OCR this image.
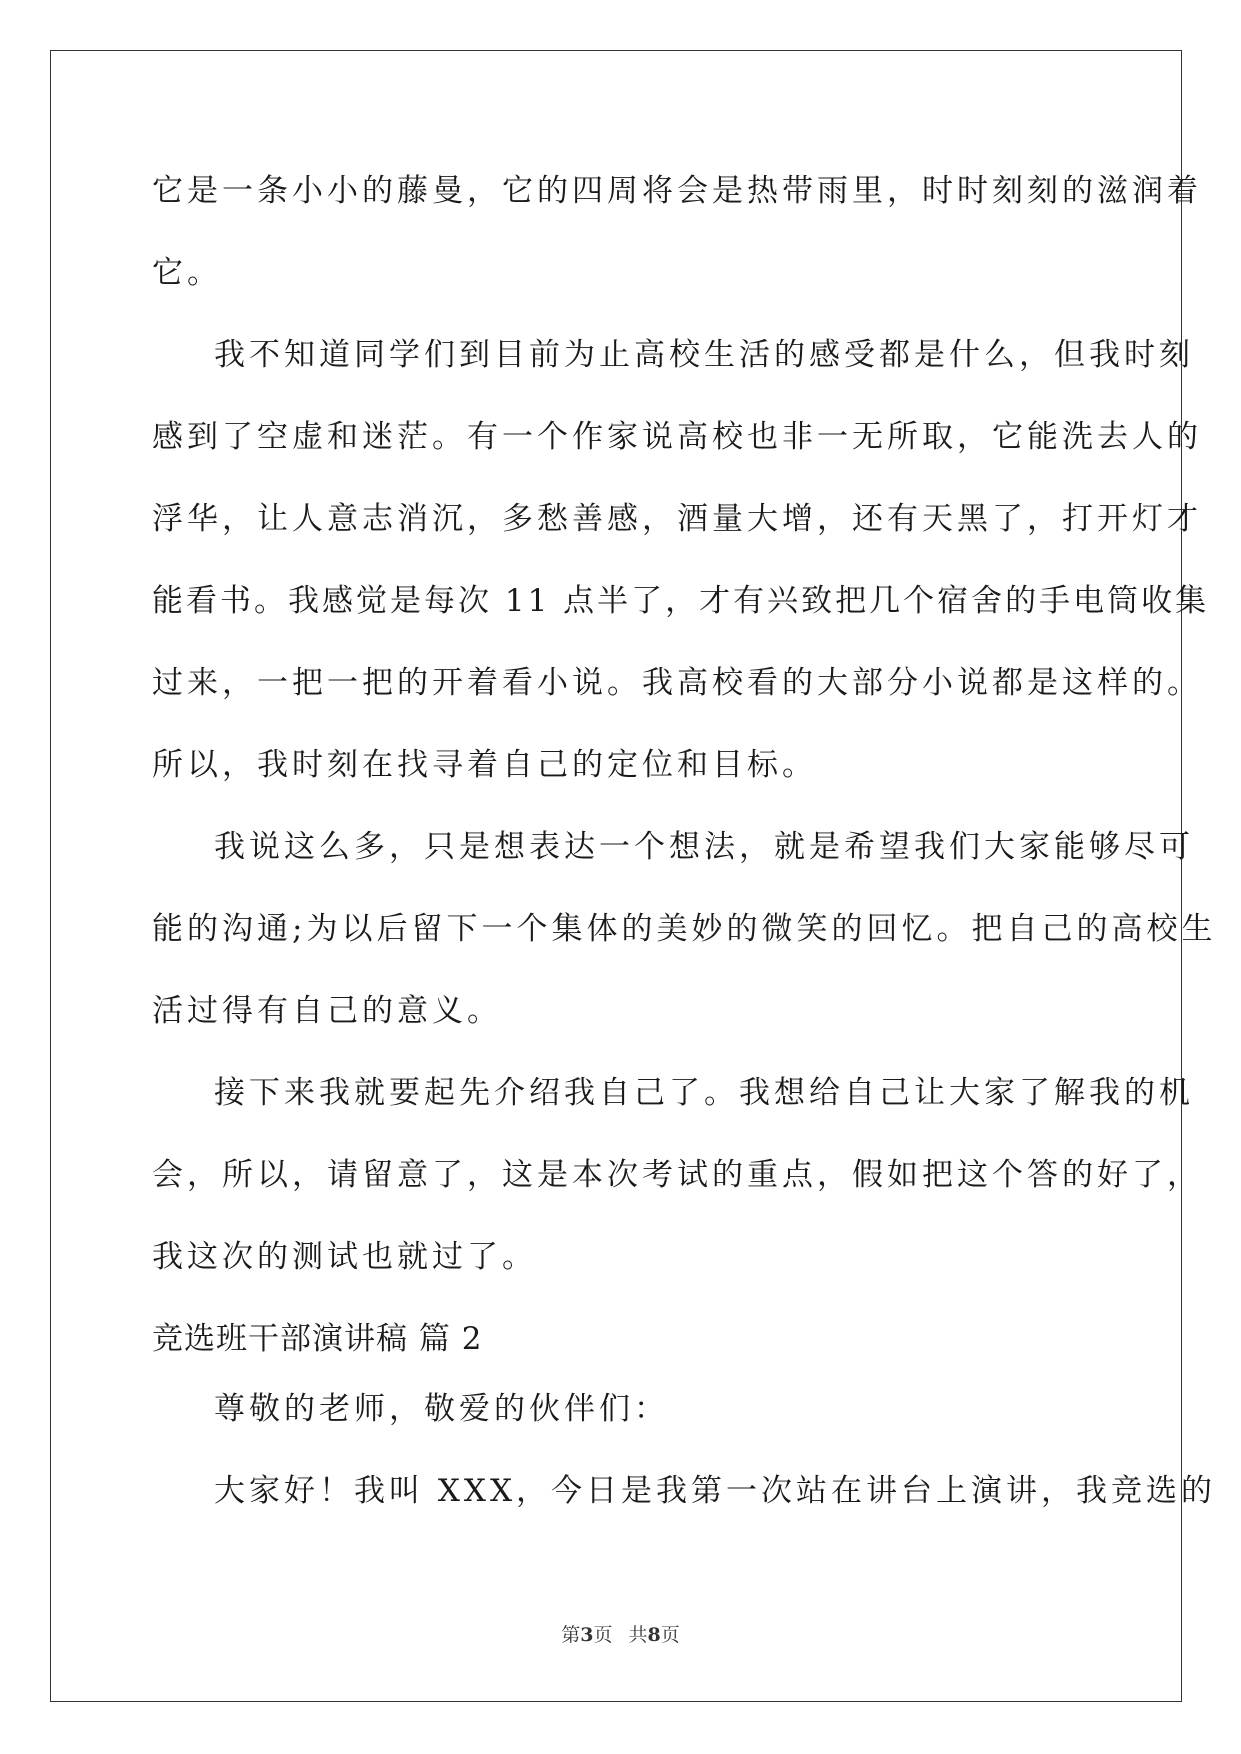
它是一条小小的藤曼，它的四周将会是热带雨里，时时刻刻的滋润着
它。
我不知道同学们到目前为止高校生活的感受都是什么，但我时刻
感到了空虚和迷茫。有一个作家说高校也非一无所取，它能洗去人的
浮华，让人意志消沉，多愁善感，酒量大增，还有天黑了，打开灯才
能看书。我感觉是每次 11 点半了，才有兴致把几个宿舍的手电筒收集
过来，一把一把的开着看小说。我高校看的大部分小说都是这样的。
所以，我时刻在找寻着自己的定位和目标。
我说这么多，只是想表达一个想法，就是希望我们大家能够尽可
能的沟通;为以后留下一个集体的美妙的微笑的回忆。把自己的高校生
活过得有自己的意义。
接下来我就要起先介绍我自己了。我想给自己让大家了解我的机
会，所以，请留意了，这是本次考试的重点，假如把这个答的好了，
我这次的测试也就过了。
竞选班干部演讲稿 篇 2
尊敬的老师，敬爱的伙伴们：
大家好！我叫 XXX，今日是我第一次站在讲台上演讲，我竞选的
第3页 共8页
